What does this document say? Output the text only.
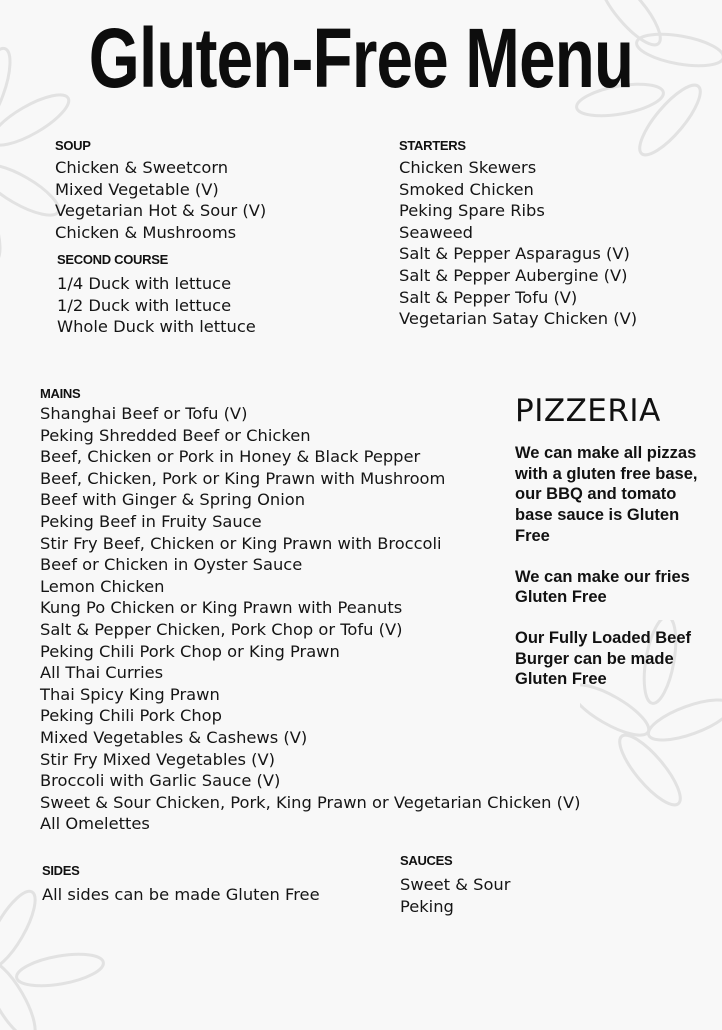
Gluten-Free Menu
SOUP
Chicken & Sweetcorn
Mixed Vegetable (V)
Vegetarian Hot & Sour (V)
Chicken & Mushrooms
SECOND COURSE
1/4 Duck with lettuce
1/2 Duck with lettuce
Whole Duck with lettuce
STARTERS
Chicken Skewers
Smoked Chicken
Peking Spare Ribs
Seaweed
Salt & Pepper Asparagus (V)
Salt & Pepper Aubergine (V)
Salt & Pepper Tofu (V)
Vegetarian Satay Chicken (V)
MAINS
Shanghai Beef or Tofu (V)
Peking Shredded Beef or Chicken
Beef, Chicken or Pork in Honey & Black Pepper
Beef, Chicken, Pork or King Prawn with Mushroom
Beef with Ginger & Spring Onion
Peking Beef in Fruity Sauce
Stir Fry Beef, Chicken or King Prawn with Broccoli
Beef or Chicken in Oyster Sauce
Lemon Chicken
Kung Po Chicken or King Prawn with Peanuts
Salt & Pepper Chicken, Pork Chop or Tofu (V)
Peking Chili Pork Chop or King Prawn
All Thai Curries
Thai Spicy King Prawn
Peking Chili Pork Chop
Mixed Vegetables & Cashews (V)
Stir Fry Mixed Vegetables (V)
Broccoli with Garlic Sauce (V)
Sweet & Sour Chicken, Pork, King Prawn or Vegetarian Chicken (V)
All Omelettes
PIZZERIA
We can make all pizzas with a gluten free base, our BBQ and tomato base sauce is Gluten Free
We can make our fries Gluten Free
Our Fully Loaded Beef Burger can be made Gluten Free
SIDES
All sides can be made Gluten Free
SAUCES
Sweet & Sour
Peking
